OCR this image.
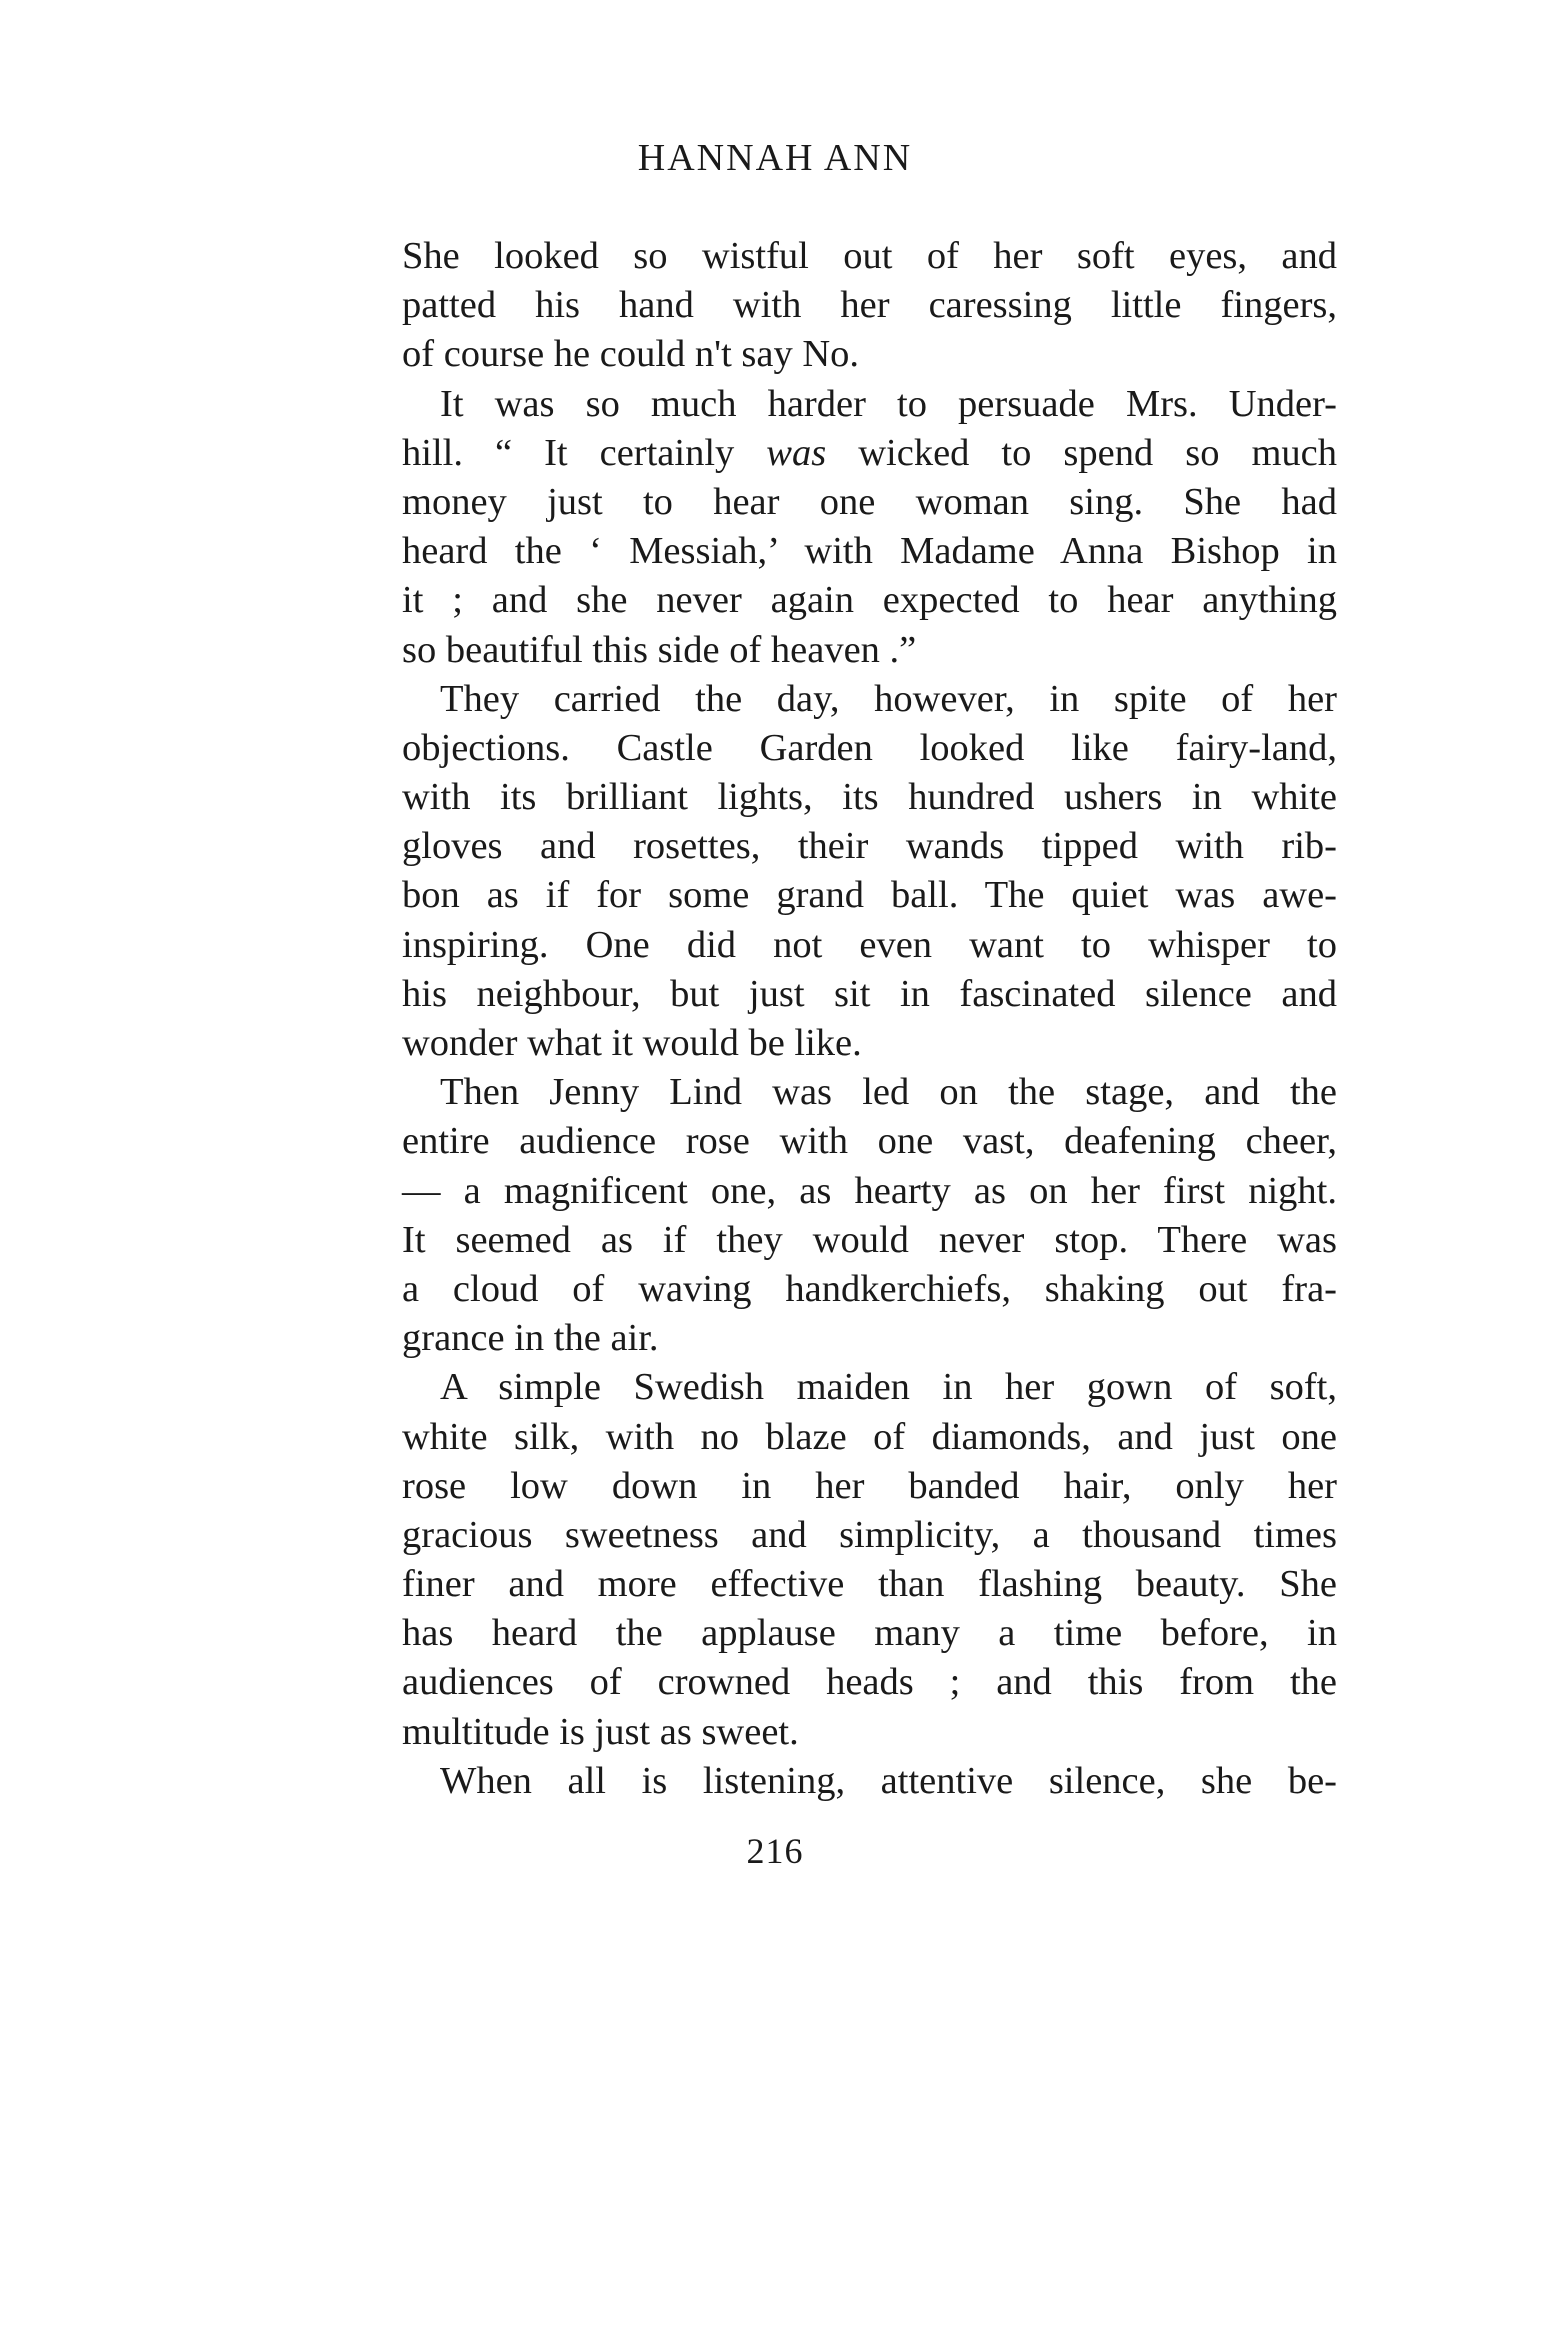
HANNAH ANN
She looked so wistful out of her soft eyes, and
patted his hand with her caressing little fingers,
of course he could n't say No.
It was so much harder to persuade Mrs. Under-
hill. “ It certainly was wicked to spend so much
money just to hear one woman sing. She had
heard the ‘ Messiah,’ with Madame Anna Bishop in
it ; and she never again expected to hear anything
so beautiful this side of heaven .”
They carried the day, however, in spite of her
objections. Castle Garden looked like fairy-land,
with its brilliant lights, its hundred ushers in white
gloves and rosettes, their wands tipped with rib-
bon as if for some grand ball. The quiet was awe-
inspiring. One did not even want to whisper to
his neighbour, but just sit in fascinated silence and
wonder what it would be like.
Then Jenny Lind was led on the stage, and the
entire audience rose with one vast, deafening cheer,
— a magnificent one, as hearty as on her first night.
It seemed as if they would never stop. There was
a cloud of waving handkerchiefs, shaking out fra-
grance in the air.
A simple Swedish maiden in her gown of soft,
white silk, with no blaze of diamonds, and just one
rose low down in her banded hair, only her
gracious sweetness and simplicity, a thousand times
finer and more effective than flashing beauty. She
has heard the applause many a time before, in
audiences of crowned heads ; and this from the
multitude is just as sweet.
When all is listening, attentive silence, she be-
216
